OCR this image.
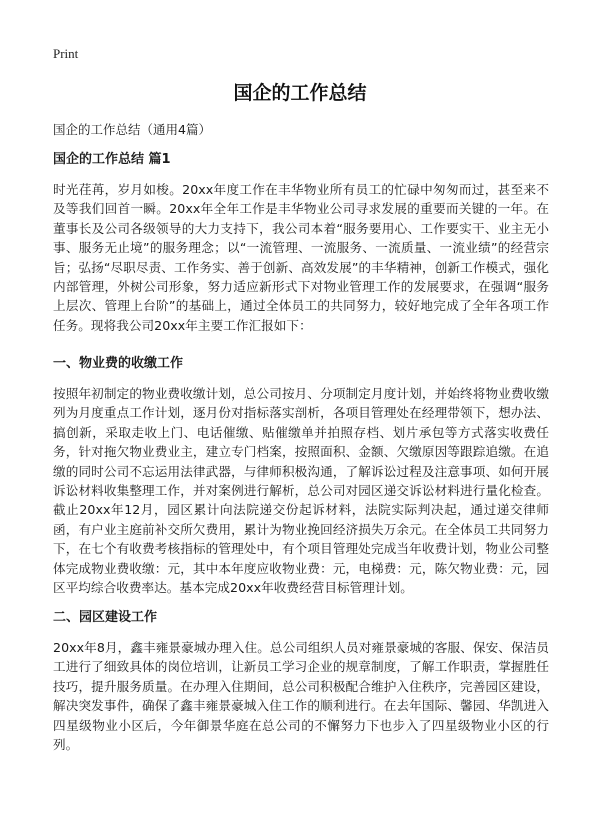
Print
国企的工作总结
国企的工作总结（通用4篇）
国企的工作总结 篇1

时光荏苒，岁月如梭。20xx年度工作在丰华物业所有员工的忙碌中匆匆而过，甚至来不及等我们回首一瞬。20xx年全年工作是丰华物业公司寻求发展的重要而关键的一年。在董事长及公司各级领导的大力支持下，我公司本着“服务要用心、工作要实干、业主无小事、服务无止境”的服务理念；以“一流管理、一流服务、一流质量、一流业绩”的经营宗旨；弘扬“尽职尽责、工作务实、善于创新、高效发展”的丰华精神，创新工作模式，强化内部管理，外树公司形象，努力适应新形式下对物业管理工作的发展要求，在强调“服务上层次、管理上台阶”的基础上，通过全体员工的共同努力，较好地完成了全年各项工作任务。现将我公司20xx年主要工作汇报如下：

一、物业费的收缴工作

按照年初制定的物业费收缴计划，总公司按月、分项制定月度计划，并始终将物业费收缴列为月度重点工作计划，逐月份对指标落实剖析，各项目管理处在经理带领下，想办法、搞创新，采取走收上门、电话催缴、贴催缴单并拍照存档、划片承包等方式落实收费任务，针对拖欠物业费业主，建立专门档案，按照面积、金额、欠缴原因等跟踪追缴。在追缴的同时公司不忘运用法律武器，与律师积极沟通，了解诉讼过程及注意事项、如何开展诉讼材料收集整理工作，并对案例进行解析，总公司对园区递交诉讼材料进行量化检查。截止20xx年12月，园区累计向法院递交份起诉材料，法院实际判决起，通过递交律师函，有户业主庭前补交所欠费用，累计为物业挽回经济损失万余元。在全体员工共同努力下，在七个有收费考核指标的管理处中，有个项目管理处完成当年收费计划，物业公司整体完成物业费收缴：元，其中本年度应收物业费：元，电梯费：元，陈欠物业费：元，园区平均综合收费率达。基本完成20xx年收费经营目标管理计划。

二、园区建设工作

20xx年8月，鑫丰雍景豪城办理入住。总公司组织人员对雍景豪城的客服、保安、保洁员工进行了细致具体的岗位培训，让新员工学习企业的规章制度，了解工作职责，掌握胜任技巧，提升服务质量。在办理入住期间，总公司积极配合维护入住秩序，完善园区建设，解决突发事件，确保了鑫丰雍景豪城入住工作的顺利进行。在去年国际、馨园、华凯进入四星级物业小区后，今年御景华庭在总公司的不懈努力下也步入了四星级物业小区的行列。
